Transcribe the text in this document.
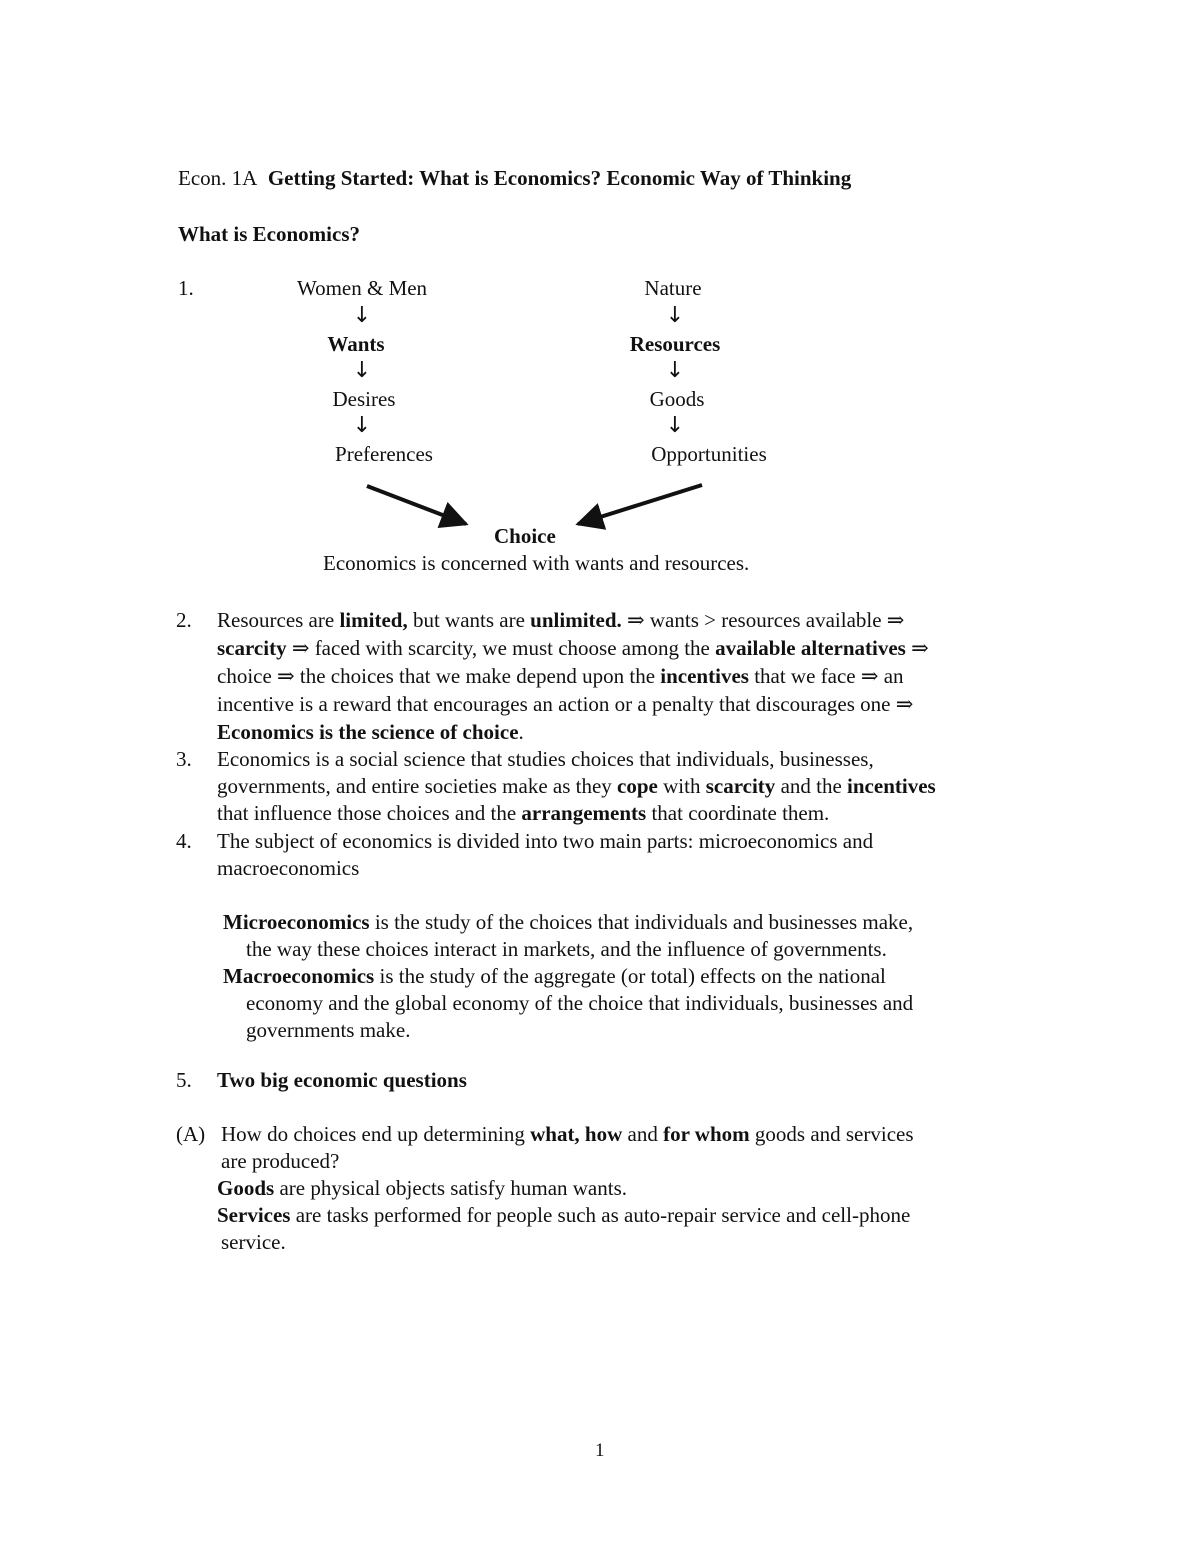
Econ. 1A Getting Started: What is Economics? Economic Way of Thinking
What is Economics?
1.	Women & Men
↓
Wants
↓
Desires
↓
Preferences
Nature
↓
Resources
↓
Goods
↓
Opportunities
Choice
Economics is concerned with wants and resources.
2. Resources are limited, but wants are unlimited. ⇒ wants > resources available ⇒
scarcity ⇒ faced with scarcity, we must choose among the available alternatives ⇒
choice ⇒ the choices that we make depend upon the incentives that we face ⇒ an
incentive is a reward that encourages an action or a penalty that discourages one ⇒
Economics is the science of choice.
3. Economics is a social science that studies choices that individuals, businesses,
governments, and entire societies make as they cope with scarcity and the incentives
that influence those choices and the arrangements that coordinate them.
4. The subject of economics is divided into two main parts: microeconomics and
macroeconomics
Microeconomics is the study of the choices that individuals and businesses make,
the way these choices interact in markets, and the influence of governments.
Macroeconomics is the study of the aggregate (or total) effects on the national
economy and the global economy of the choice that individuals, businesses and
governments make.
5. Two big economic questions
(A) How do choices end up determining what, how and for whom goods and services
are produced?
Goods are physical objects satisfy human wants.
Services are tasks performed for people such as auto-repair service and cell-phone
service.
1
